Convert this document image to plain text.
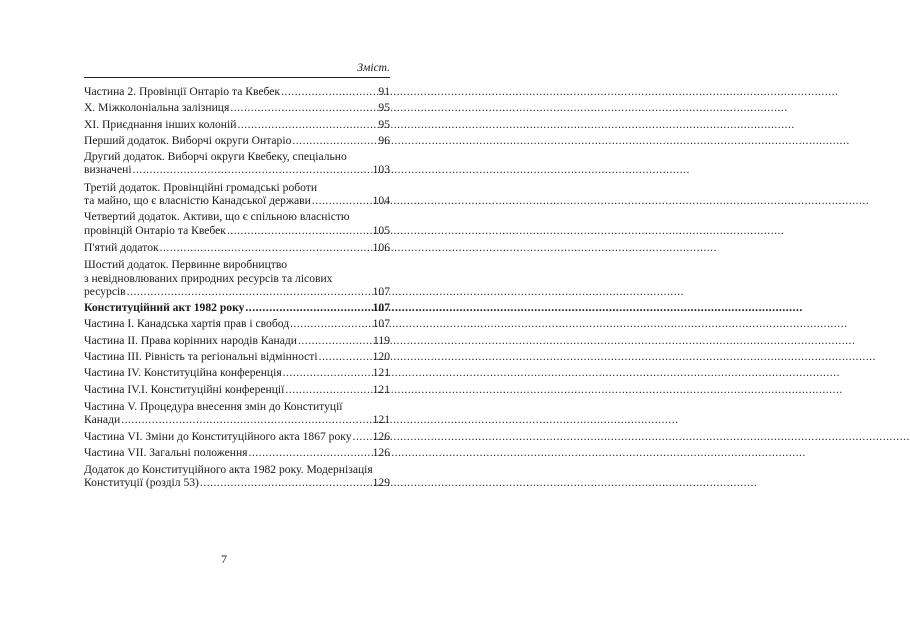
Зміст.
Частина 2. Провінції Онтаріо та Квебек .....	91
Х. Міжколоніальна залізниця .....	95
ХІ. Приєднання інших колоній .....	95
Перший додаток. Виборчі округи Онтаріо .....	96
Другий додаток. Виборчі округи Квебеку, спеціально
визначені .....	103
Третій додаток. Провінційні громадські роботи
та майно, що є власністю Канадської держави .....	104
Четвертий додаток. Активи, що є спільною власністю
провінцій Онтаріо та Квебек .....	105
П'ятий додаток .....	106
Шостий додаток. Первинне виробництво
з невідновлюваних природних ресурсів та лісових
ресурсів .....	107
Конституційний акт 1982 року .....	107
Частина І. Канадська хартія прав і свобод .....	107
Частина ІІ. Права корінних народів Канади .....	119
Частина ІІІ. Рівність та регіональні відмінності .....	120
Частина IV. Конституційна конференція .....	121
Частина IV.І. Конституційні конференції .....	121
Частина V. Процедура внесення змін до Конституції
Канади .....	121
Частина VІ. Зміни до Конституційного акта 1867 року ..... 126
Частина VІІ. Загальні положення .....	126
Додаток до Конституційного акта 1982 року. Модернізація
Конституції (розділ 53) .....	129
7
